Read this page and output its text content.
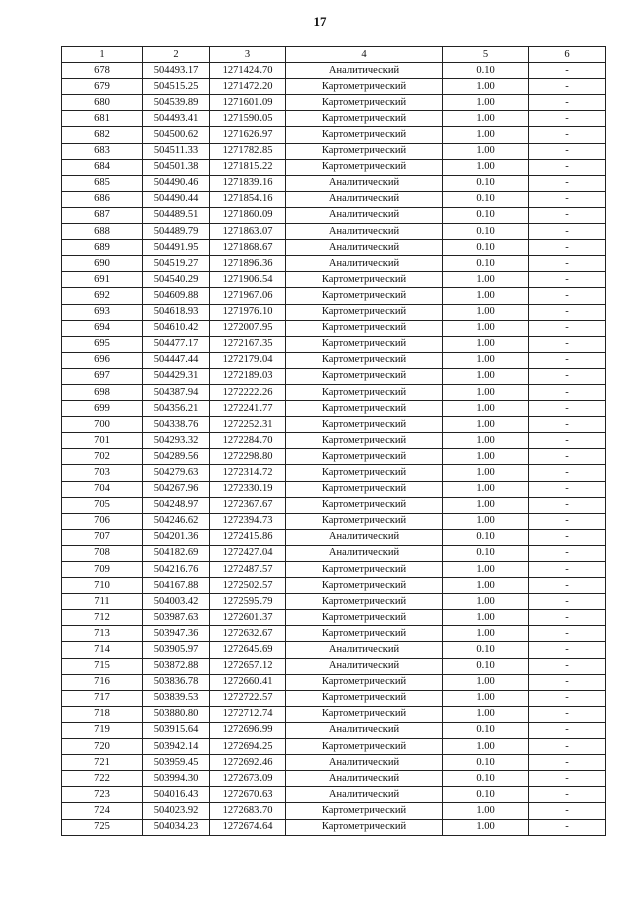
17
1	2	3	4	5	6
678	504493.17	1271424.70	Аналитический	0.10	-
679	504515.25	1271472.20	Картометрический	1.00	-
680	504539.89	1271601.09	Картометрический	1.00	-
681	504493.41	1271590.05	Картометрический	1.00	-
682	504500.62	1271626.97	Картометрический	1.00	-
683	504511.33	1271782.85	Картометрический	1.00	-
684	504501.38	1271815.22	Картометрический	1.00	-
685	504490.46	1271839.16	Аналитический	0.10	-
686	504490.44	1271854.16	Аналитический	0.10	-
687	504489.51	1271860.09	Аналитический	0.10	-
688	504489.79	1271863.07	Аналитический	0.10	-
689	504491.95	1271868.67	Аналитический	0.10	-
690	504519.27	1271896.36	Аналитический	0.10	-
691	504540.29	1271906.54	Картометрический	1.00	-
692	504609.88	1271967.06	Картометрический	1.00	-
693	504618.93	1271976.10	Картометрический	1.00	-
694	504610.42	1272007.95	Картометрический	1.00	-
695	504477.17	1272167.35	Картометрический	1.00	-
696	504447.44	1272179.04	Картометрический	1.00	-
697	504429.31	1272189.03	Картометрический	1.00	-
698	504387.94	1272222.26	Картометрический	1.00	-
699	504356.21	1272241.77	Картометрический	1.00	-
700	504338.76	1272252.31	Картометрический	1.00	-
701	504293.32	1272284.70	Картометрический	1.00	-
702	504289.56	1272298.80	Картометрический	1.00	-
703	504279.63	1272314.72	Картометрический	1.00	-
704	504267.96	1272330.19	Картометрический	1.00	-
705	504248.97	1272367.67	Картометрический	1.00	-
706	504246.62	1272394.73	Картометрический	1.00	-
707	504201.36	1272415.86	Аналитический	0.10	-
708	504182.69	1272427.04	Аналитический	0.10	-
709	504216.76	1272487.57	Картометрический	1.00	-
710	504167.88	1272502.57	Картометрический	1.00	-
711	504003.42	1272595.79	Картометрический	1.00	-
712	503987.63	1272601.37	Картометрический	1.00	-
713	503947.36	1272632.67	Картометрический	1.00	-
714	503905.97	1272645.69	Аналитический	0.10	-
715	503872.88	1272657.12	Аналитический	0.10	-
716	503836.78	1272660.41	Картометрический	1.00	-
717	503839.53	1272722.57	Картометрический	1.00	-
718	503880.80	1272712.74	Картометрический	1.00	-
719	503915.64	1272696.99	Аналитический	0.10	-
720	503942.14	1272694.25	Картометрический	1.00	-
721	503959.45	1272692.46	Аналитический	0.10	-
722	503994.30	1272673.09	Аналитический	0.10	-
723	504016.43	1272670.63	Аналитический	0.10	-
724	504023.92	1272683.70	Картометрический	1.00	-
725	504034.23	1272674.64	Картометрический	1.00	-
